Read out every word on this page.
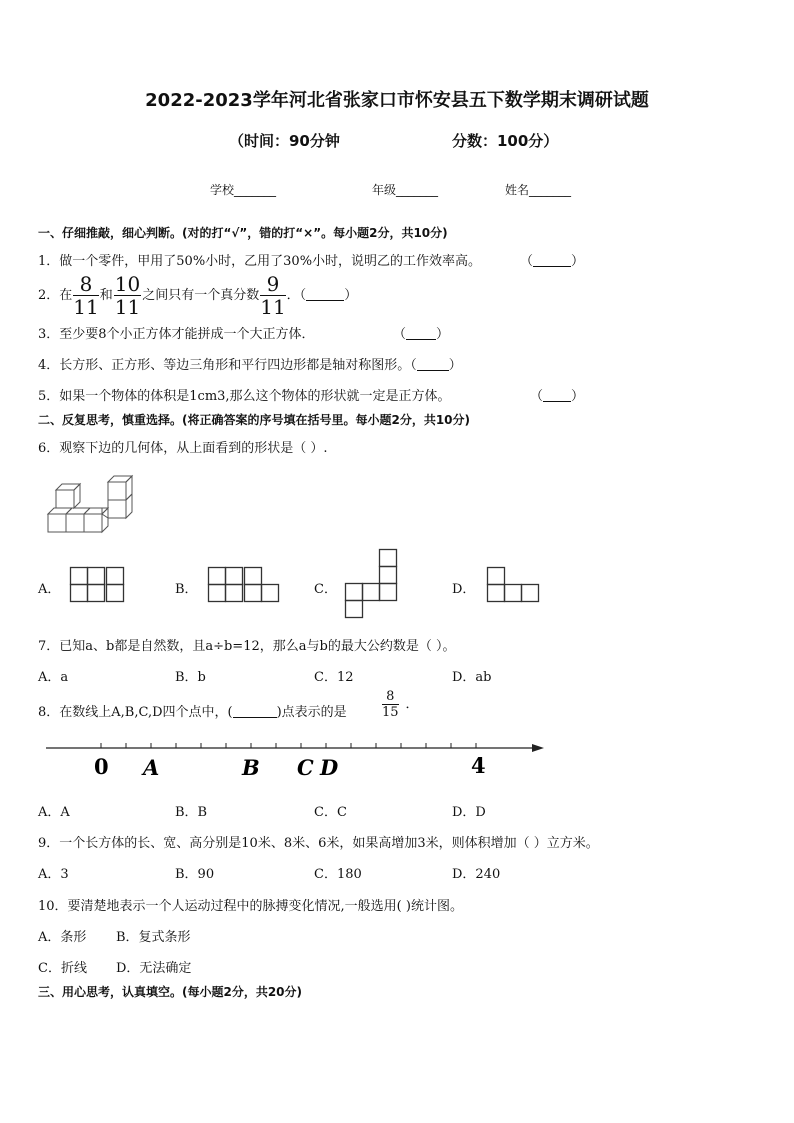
2022-2023学年河北省张家口市怀安县五下数学期末调研试题
（时间：90分钟	分数：100分）
学校_______	年级_______	姓名_______
一、仔细推敲，细心判断。(对的打“√”，错的打“×”。每小题2分，共10分)
1．做一个零件，甲用了50%小时，乙用了30%小时，说明乙的工作效率高。	（	）
2．在 $\frac{8}{11}$ 和 $\frac{10}{11}$ 之间只有一个真分数 $\frac{9}{11}$ ．（	）
3．至少要8个小正方体才能拼成一个大正方体．	（ ）
4．长方形、正方形、等边三角形和平行四边形都是轴对称图形。（ ）
5．如果一个物体的体积是1cm3,那么这个物体的形状就一定是正方体。	（ ）
二、反复思考，慎重选择。(将正确答案的序号填在括号里。每小题2分，共10分)
6．观察下边的几何体，从上面看到的形状是（ ）.
A．	B．	C．	D．
7．已知a、b都是自然数，且a÷b=12，那么a与b的最大公约数是（ ）。
A．a	B．b	C．12	D．ab
8．在数线上A,B,C,D四个点中，(	)点表示的是	$\frac{8}{15}$ ．
0 A	B C D	4
A．A	B．B	C．C	D．D
9．一个长方体的长、宽、高分别是10米、8米、6米，如果高增加3米，则体积增加（ ）立方米。
A．3	B．90	C．180	D．240
10．要清楚地表示一个人运动过程中的脉搏变化情况,一般选用( )统计图。
A．条形 B．复式条形
C．折线 D．无法确定
三、用心思考，认真填空。(每小题2分，共20分)
